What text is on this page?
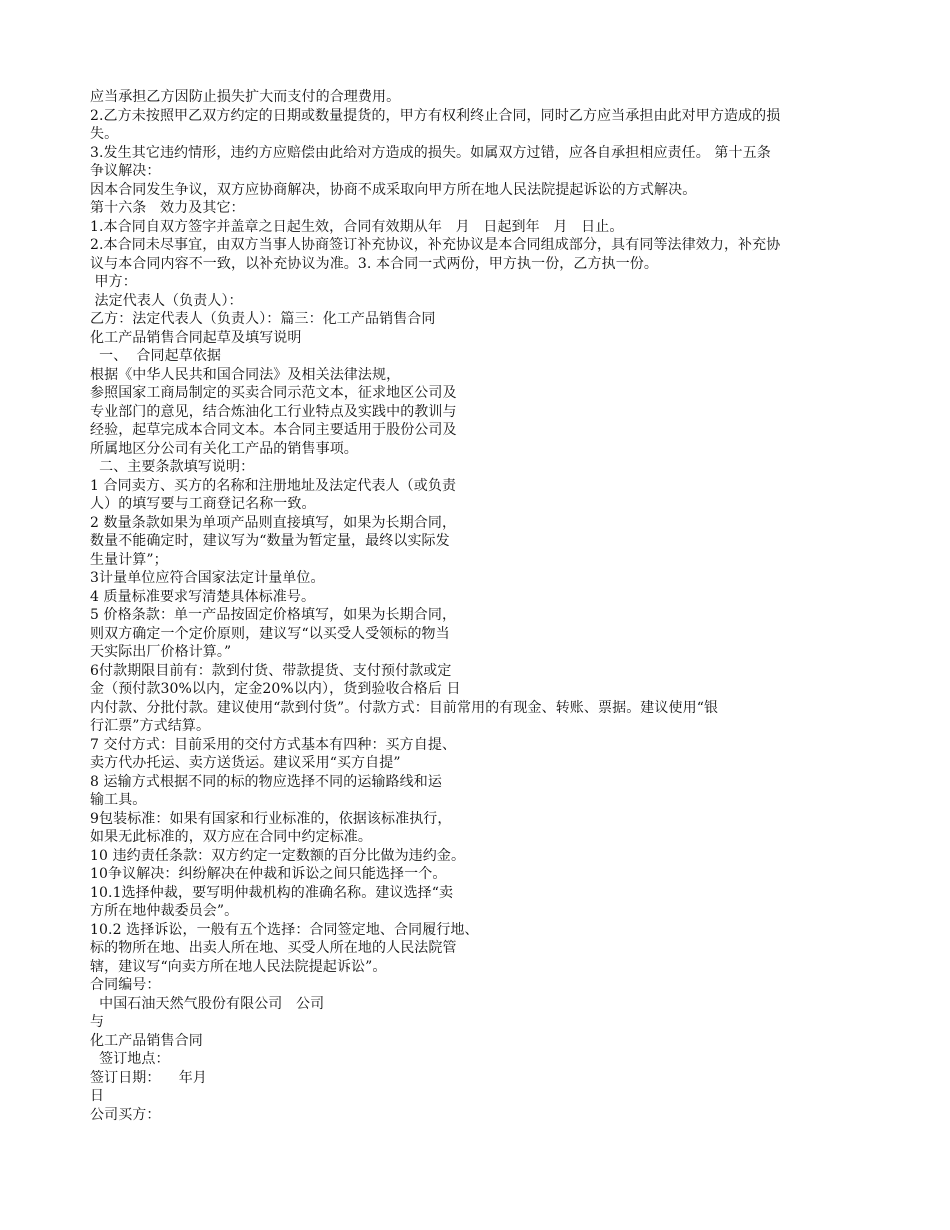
应当承担乙方因防止损失扩大而支付的合理费用。
2.乙方未按照甲乙双方约定的日期或数量提货的，甲方有权利终止合同，同时乙方应当承担由此对甲方造成的损
失。
3.发生其它违约情形，违约方应赔偿由此给对方造成的损失。如属双方过错，应各自承担相应责任。 第十五条
争议解决：
因本合同发生争议，双方应协商解决，协商不成采取向甲方所在地人民法院提起诉讼的方式解决。
第十六条   效力及其它：
1.本合同自双方签字并盖章之日起生效，合同有效期从年   月   日起到年   月   日止。
2.本合同未尽事宜，由双方当事人协商签订补充协议，补充协议是本合同组成部分，具有同等法律效力，补充协
议与本合同内容不一致，以补充协议为准。3. 本合同一式两份，甲方执一份，乙方执一份。
甲方：
法定代表人（负责人）：
乙方：法定代表人（负责人）：篇三：化工产品销售合同
化工产品销售合同起草及填写说明
一、  合同起草依据
根据《中华人民共和国合同法》及相关法律法规，
参照国家工商局制定的买卖合同示范文本，征求地区公司及
专业部门的意见，结合炼油化工行业特点及实践中的教训与
经验，起草完成本合同文本。本合同主要适用于股份公司及
所属地区分公司有关化工产品的销售事项。
二、主要条款填写说明：
1 合同卖方、买方的名称和注册地址及法定代表人（或负责
人）的填写要与工商登记名称一致。
2 数量条款如果为单项产品则直接填写，如果为长期合同，
数量不能确定时，建议写为“数量为暂定量，最终以实际发
生量计算”；
3计量单位应符合国家法定计量单位。
4 质量标准要求写清楚具体标准号。
5 价格条款：单一产品按固定价格填写，如果为长期合同，
则双方确定一个定价原则，建议写“以买受人受领标的物当
天实际出厂价格计算。”
6付款期限目前有：款到付货、带款提货、支付预付款或定
金（预付款30%以内，定金20%以内），货到验收合格后 日
内付款、分批付款。建议使用“款到付货”。付款方式：目前常用的有现金、转账、票据。建议使用“银
行汇票”方式结算。
7 交付方式：目前采用的交付方式基本有四种：买方自提、
卖方代办托运、卖方送货运。建议采用“买方自提”
8 运输方式根据不同的标的物应选择不同的运输路线和运
输工具。
9包装标准：如果有国家和行业标准的，依据该标准执行，
如果无此标准的，双方应在合同中约定标准。
10 违约责任条款：双方约定一定数额的百分比做为违约金。
10争议解决：纠纷解决在仲裁和诉讼之间只能选择一个。
10.1选择仲裁，要写明仲裁机构的准确名称。建议选择“卖
方所在地仲裁委员会”。
10.2 选择诉讼，一般有五个选择：合同签定地、合同履行地、
标的物所在地、出卖人所在地、买受人所在地的人民法院管
辖，建议写“向卖方所在地人民法院提起诉讼”。
合同编号：
中国石油天然气股份有限公司   公司
与
化工产品销售合同
签订地点：
签订日期：    年月
日
公司买方：
